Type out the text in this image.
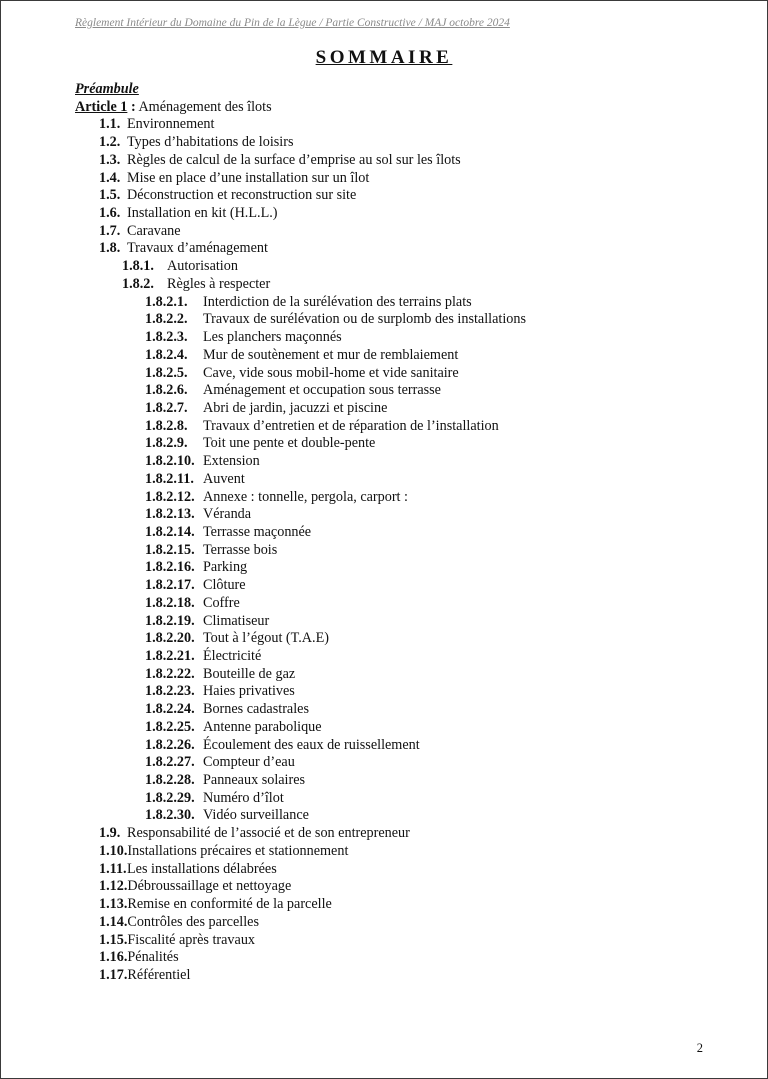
Règlement Intérieur du Domaine du Pin de la Lègue / Partie Constructive / MAJ octobre 2024
SOMMAIRE
Préambule
Article 1 : Aménagement des îlots
1.1. Environnement
1.2. Types d’habitations de loisirs
1.3. Règles de calcul de la surface d’emprise au sol sur les îlots
1.4. Mise en place d’une installation sur un îlot
1.5. Déconstruction et reconstruction sur site
1.6. Installation en kit (H.L.L.)
1.7. Caravane
1.8. Travaux d’aménagement
1.8.1. Autorisation
1.8.2. Règles à respecter
1.8.2.1. Interdiction de la surélévation des terrains plats
1.8.2.2. Travaux de surélévation ou de surplomb des installations
1.8.2.3. Les planchers maçonnés
1.8.2.4. Mur de soutènement et mur de remblaiement
1.8.2.5. Cave, vide sous mobil-home et vide sanitaire
1.8.2.6. Aménagement et occupation sous terrasse
1.8.2.7. Abri de jardin, jacuzzi et piscine
1.8.2.8. Travaux d’entretien et de réparation de l’installation
1.8.2.9. Toit une pente et double-pente
1.8.2.10. Extension
1.8.2.11. Auvent
1.8.2.12. Annexe : tonnelle, pergola, carport :
1.8.2.13. Véranda
1.8.2.14. Terrasse maçonnée
1.8.2.15. Terrasse bois
1.8.2.16. Parking
1.8.2.17. Clôture
1.8.2.18. Coffre
1.8.2.19. Climatiseur
1.8.2.20. Tout à l’égout (T.A.E)
1.8.2.21. Électricité
1.8.2.22. Bouteille de gaz
1.8.2.23. Haies privatives
1.8.2.24. Bornes cadastrales
1.8.2.25. Antenne parabolique
1.8.2.26. Écoulement des eaux de ruissellement
1.8.2.27. Compteur d’eau
1.8.2.28. Panneaux solaires
1.8.2.29. Numéro d’îlot
1.8.2.30. Vidéo surveillance
1.9. Responsabilité de l’associé et de son entrepreneur
1.10.Installations précaires et stationnement
1.11.Les installations délabrées
1.12.Débroussaillage et nettoyage
1.13.Remise en conformité de la parcelle
1.14.Contrôles des parcelles
1.15.Fiscalité après travaux
1.16.Pénalités
1.17.Référentiel
2
